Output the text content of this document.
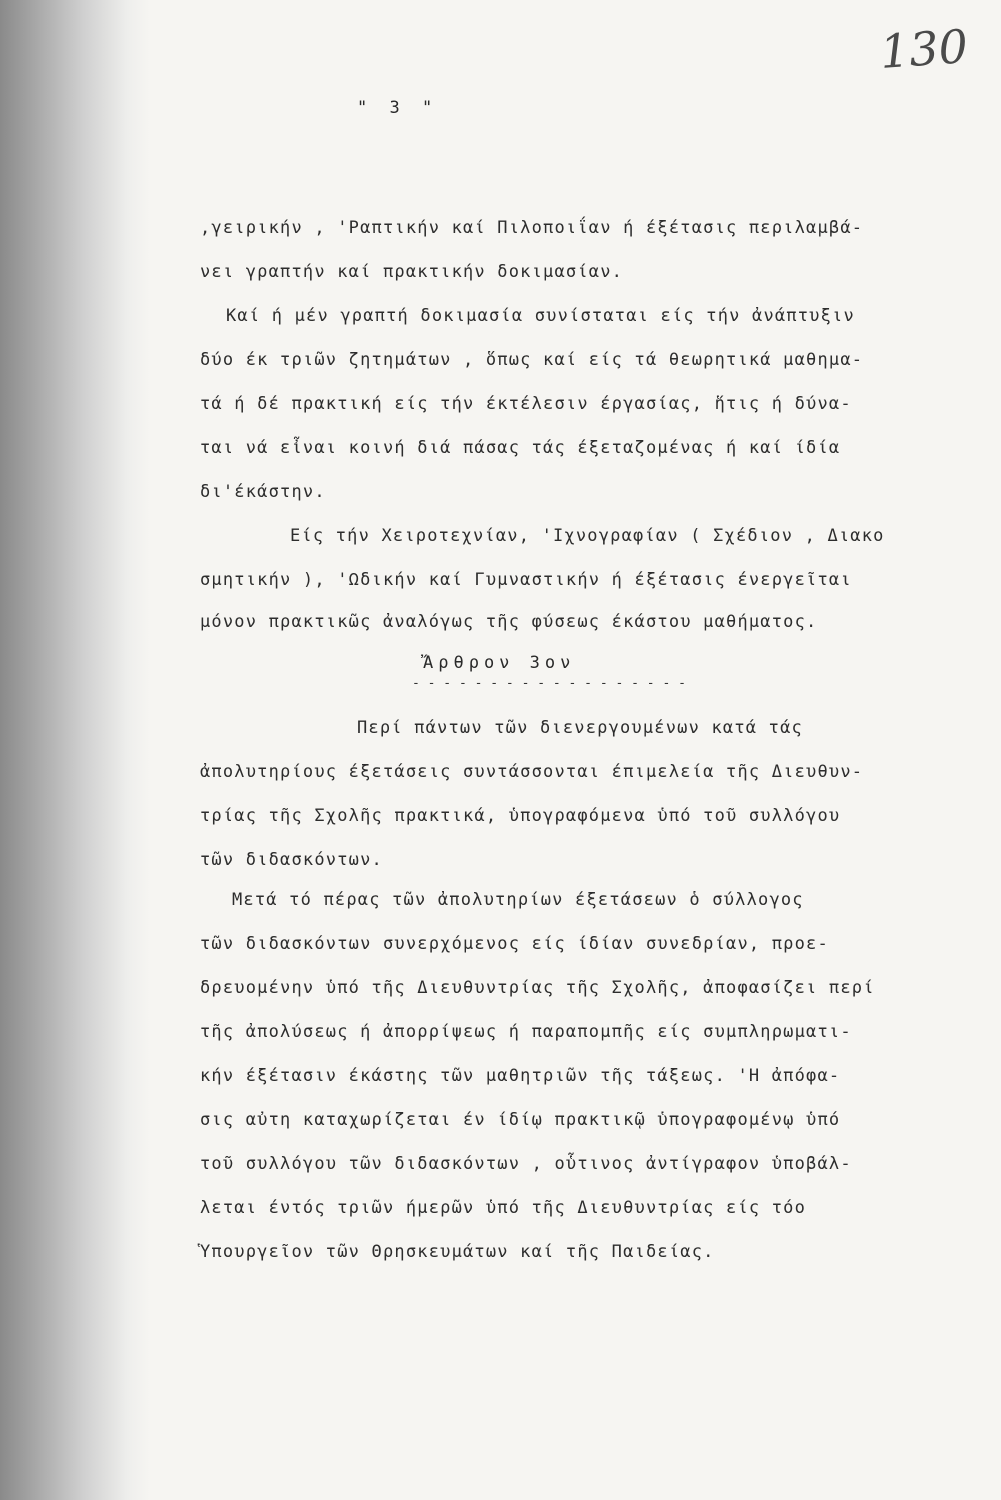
130
" 3 "
,γειρικήν , 'Ραπτικήν καί Πιλοποιΐαν ή έξέτασις περιλαμβά-
νει γραπτήν καί πρακτικήν δοκιμασίαν.
Καί ή μέν γραπτή δοκιμασία συνίσταται είς τήν ἀνάπτυξιν
δύο έκ τριῶν ζητημάτων , ὅπως καί είς τά θεωρητικά μαθημα-
τά ή δέ πρακτική είς τήν έκτέλεσιν έργασίας, ἥτις ή δύνα-
ται νά εἶναι κοινή διά πάσας τάς έξεταζομένας ή καί ίδία
δι'έκάστην.
Είς τήν Χειροτεχνίαν, 'Ιχνογραφίαν ( Σχέδιον , Διακο
σμητικήν ), 'Ωδικήν καί Γυμναστικήν ή έξέτασις ένεργεῖται
μόνον πρακτικῶς ἀναλόγως τῆς φύσεως έκάστου μαθήματος.
Ἄρθρον 3ον
- - - - - - - - - - - - - - - - - -
Περί πάντων τῶν διενεργουμένων κατά τάς
ἀπολυτηρίους έξετάσεις συντάσσονται έπιμελεία τῆς Διευθυν-
τρίας τῆς Σχολῆς πρακτικά, ὑπογραφόμενα ὑπό τοῦ συλλόγου
τῶν διδασκόντων.
Μετά τό πέρας τῶν ἀπολυτηρίων έξετάσεων ὁ σύλλογος
τῶν διδασκόντων συνερχόμενος είς ίδίαν συνεδρίαν, προε-
δρευομένην ὑπό τῆς Διευθυντρίας τῆς Σχολῆς, ἀποφασίζει περί
τῆς ἀπολύσεως ή ἀπορρίψεως ή παραπομπῆς είς συμπληρωματι-
κήν έξέτασιν έκάστης τῶν μαθητριῶν τῆς τάξεως. 'Η ἀπόφα-
σις αὐτη καταχωρίζεται έν ίδίῳ πρακτικῷ ὑπογραφομένῳ ὑπό
τοῦ συλλόγου τῶν διδασκόντων , οὗτινος ἀντίγραφον ὑποβάλ-
λεται έντός τριῶν ήμερῶν ὑπό τῆς Διευθυντρίας είς τόο
Ὑπουργεῖον τῶν Θρησκευμάτων καί τῆς Παιδείας.
